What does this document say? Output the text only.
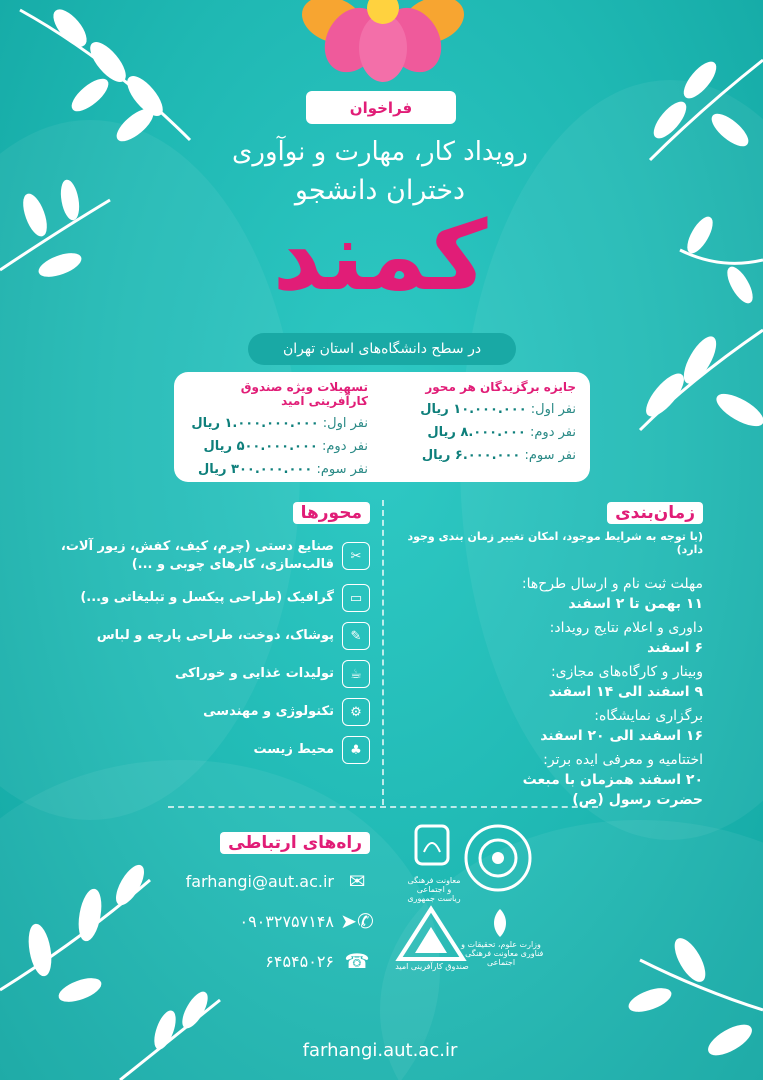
فراخوان
رویداد کار، مهارت و نوآوری
دختران دانشجو
کمند
در سطح دانشگاه‌های استان تهران
جایزه برگزیدگان هر محور
نفر اول: ۱۰.۰۰۰.۰۰۰ ریال
نفر دوم: ۸.۰۰۰.۰۰۰ ریال
نفر سوم: ۶.۰۰۰.۰۰۰ ریال
تسهیلات ویژه صندوق کارآفرینی امید
نفر اول: ۱.۰۰۰.۰۰۰.۰۰۰ ریال
نفر دوم: ۵۰۰.۰۰۰.۰۰۰ ریال
نفر سوم: ۳۰۰.۰۰۰.۰۰۰ ریال
زمان‌بندی
(با توجه به شرایط موجود، امکان تغییر زمان بندی وجود دارد)
مهلت ثبت نام و ارسال طرح‌ها:
۱۱ بهمن تا ۲ اسفند
داوری و اعلام نتایج رویداد:
۶ اسفند
وبینار و کارگاه‌های مجازی:
۹ اسفند الی ۱۴ اسفند
برگزاری نمایشگاه:
۱۶ اسفند الی ۲۰ اسفند
اختتامیه و معرفی ایده برتر:
۲۰ اسفند همزمان با مبعث حضرت رسول (ص)
محورها
✂
صنایع دستی (چرم، کیف، کفش، زیور آلات، قالب‌سازی، کارهای چوبی و ...)
▭
گرافیک (طراحی پیکسل و تبلیغاتی و...)
✎
پوشاک، دوخت، طراحی پارچه و لباس
☕
تولیدات غذایی و خوراکی
⚙
تکنولوژی و مهندسی
♣
محیط زیست
راه‌های ارتباطی
farhangi@aut.ac.ir ✉
۰۹۰۳۲۷۵۷۱۴۸ ➤✆
۶۴۵۴۵۰۲۶ ☎
معاونت فرهنگی و اجتماعی ریاست جمهوری
صندوق کارآفرینی امید
وزارت علوم، تحقیقات و فناوری معاونت فرهنگی و اجتماعی
farhangi.aut.ac.ir
